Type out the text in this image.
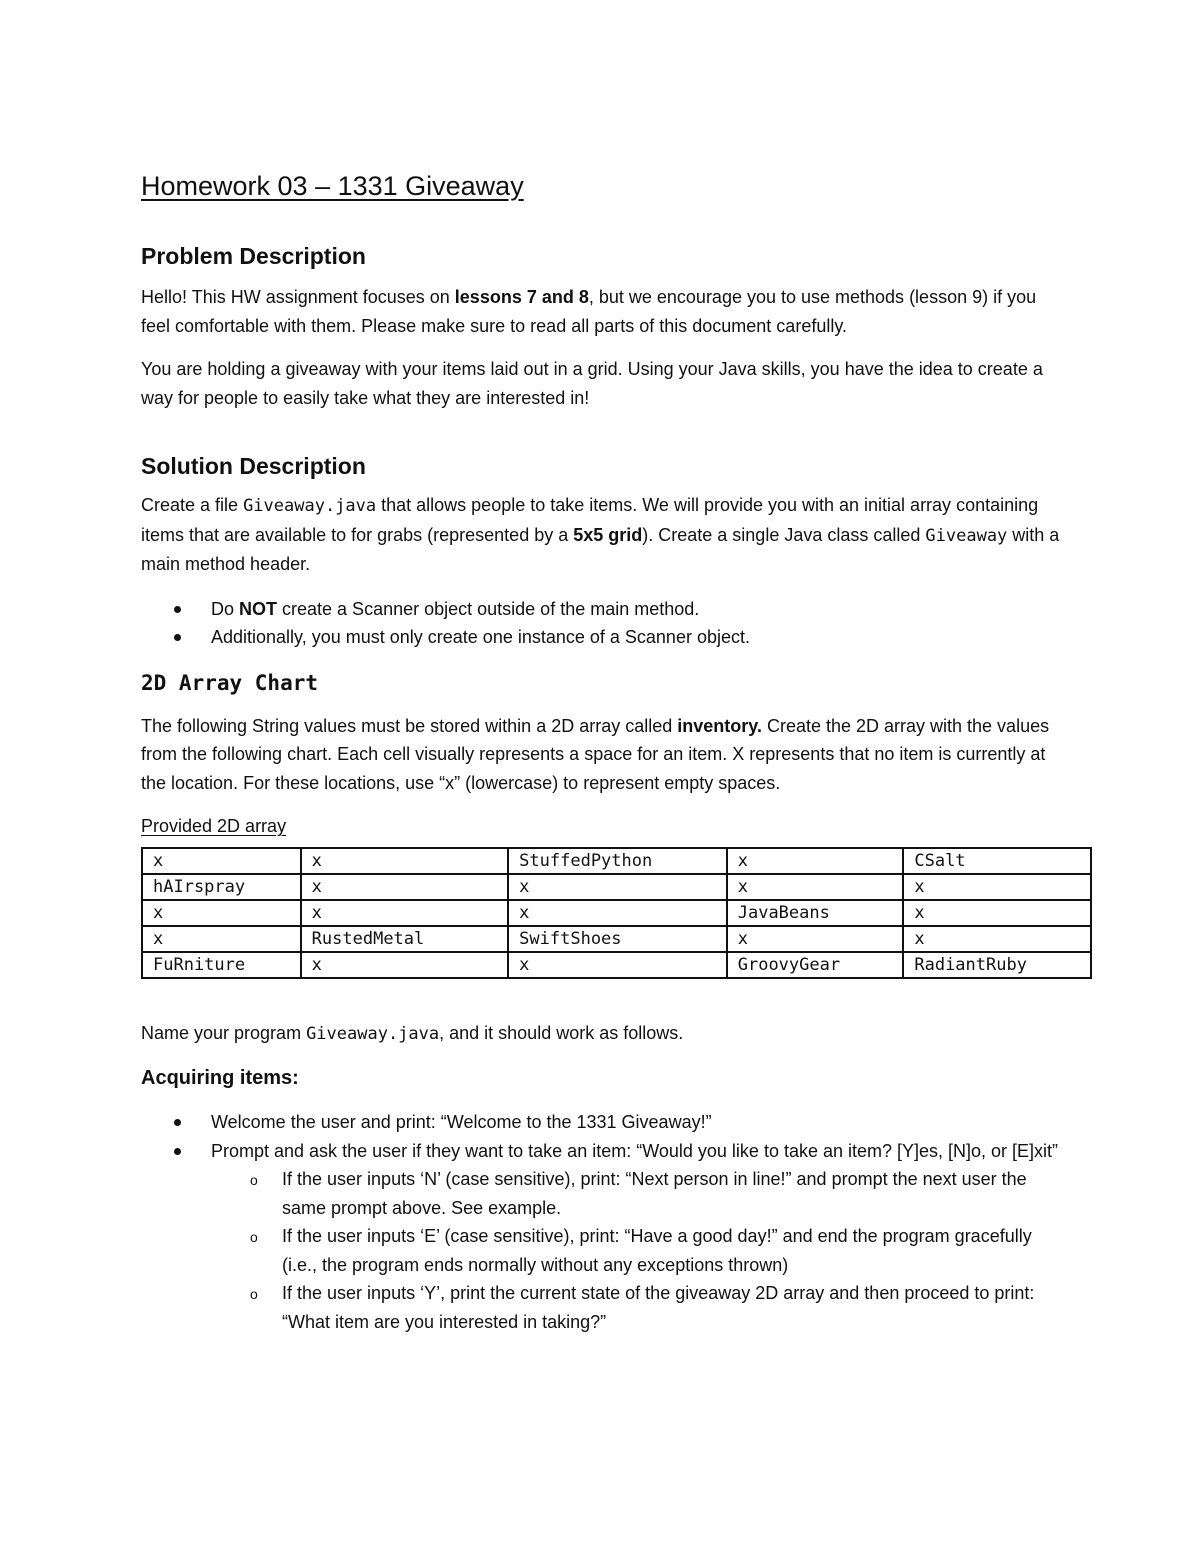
Homework 03 – 1331 Giveaway
Problem Description

Hello! This HW assignment focuses on lessons 7 and 8, but we encourage you to use methods (lesson 9) if you feel comfortable with them. Please make sure to read all parts of this document carefully.

You are holding a giveaway with your items laid out in a grid. Using your Java skills, you have the idea to create a way for people to easily take what they are interested in!

Solution Description

Create a file Giveaway.java that allows people to take items. We will provide you with an initial array containing items that are available to for grabs (represented by a 5x5 grid). Create a single Java class called Giveaway with a main method header.

Do NOT create a Scanner object outside of the main method.
Additionally, you must only create one instance of a Scanner object.
2D Array Chart

The following String values must be stored within a 2D array called inventory. Create the 2D array with the values from the following chart. Each cell visually represents a space for an item. X represents that no item is currently at the location. For these locations, use “x” (lowercase) to represent empty spaces.

Provided 2D array

x	x	StuffedPython	x	CSalt
hAIrspray	x	x	x	x
x	x	x	JavaBeans	x
x	RustedMetal	SwiftShoes	x	x
FuRniture	x	x	GroovyGear	RadiantRuby

Name your program Giveaway.java, and it should work as follows.

Acquiring items:
Welcome the user and print: “Welcome to the 1331 Giveaway!”
Prompt and ask the user if they want to take an item: “Would you like to take an item? [Y]es, [N]o, or [E]xit”
o If the user inputs ‘N’ (case sensitive), print: “Next person in line!” and prompt the next user the same prompt above. See example.
o If the user inputs ‘E’ (case sensitive), print: “Have a good day!” and end the program gracefully (i.e., the program ends normally without any exceptions thrown)
o If the user inputs ‘Y’, print the current state of the giveaway 2D array and then proceed to print: “What item are you interested in taking?”
